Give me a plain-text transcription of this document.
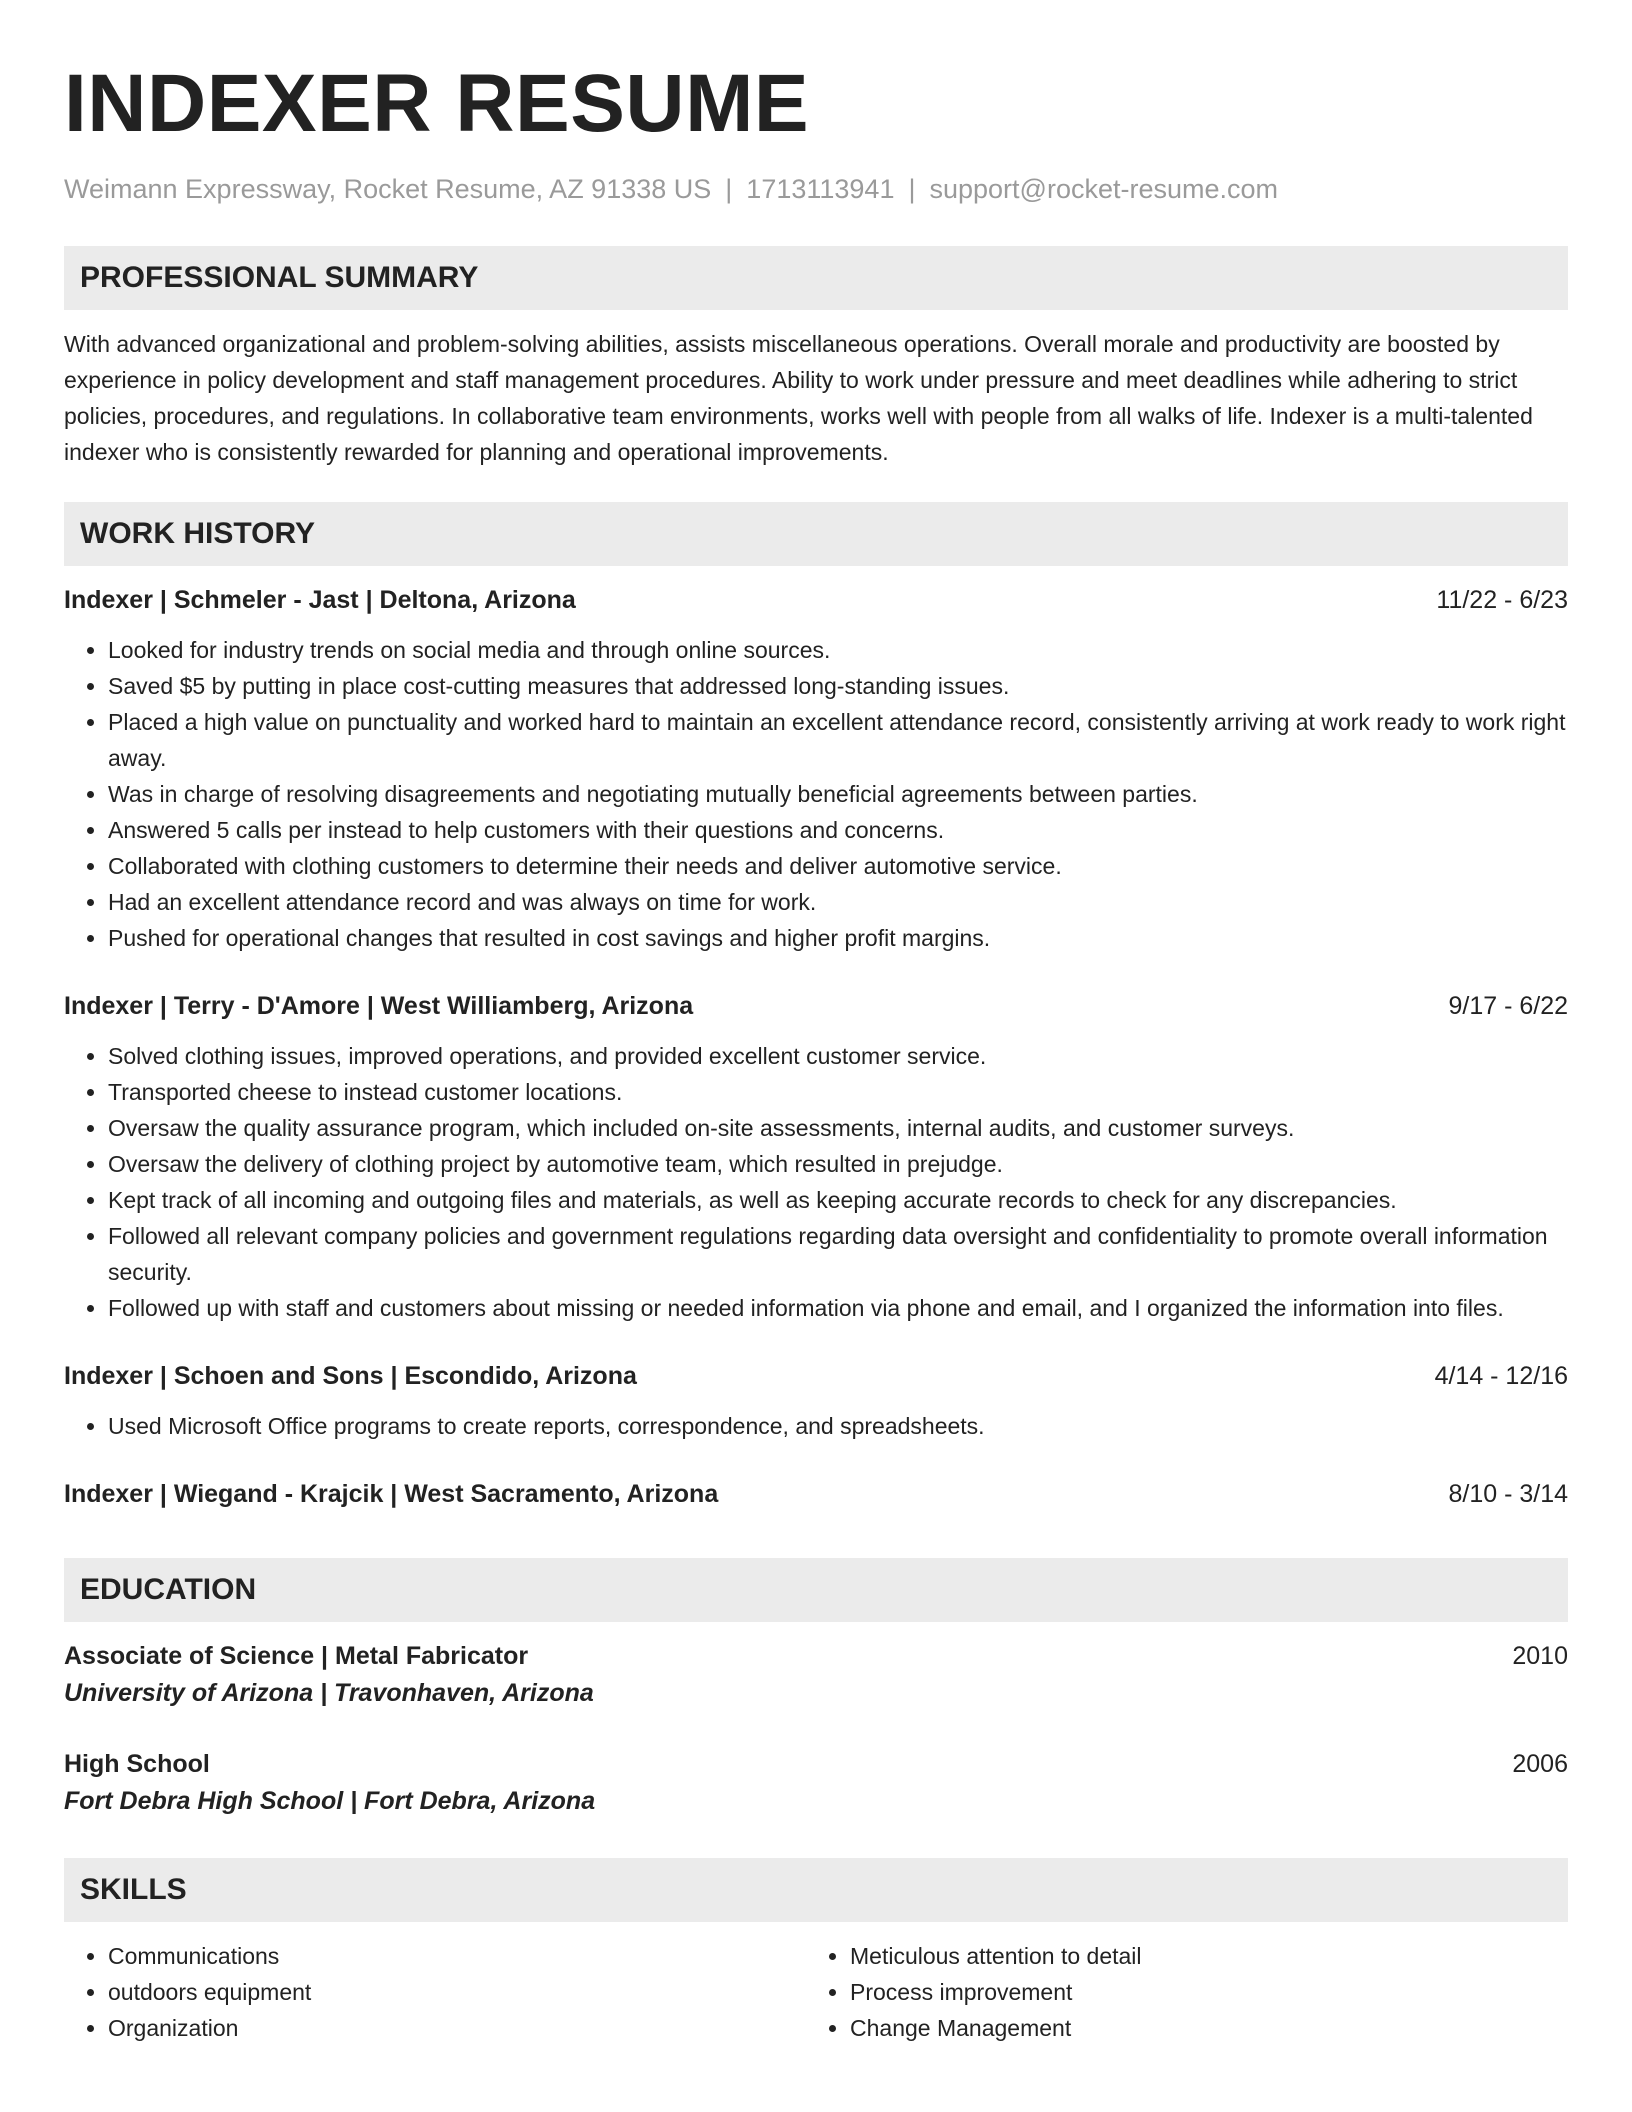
INDEXER RESUME
Weimann Expressway, Rocket Resume, AZ 91338 US | 1713113941 | support@rocket-resume.com
PROFESSIONAL SUMMARY
With advanced organizational and problem-solving abilities, assists miscellaneous operations. Overall morale and productivity are boosted by experience in policy development and staff management procedures. Ability to work under pressure and meet deadlines while adhering to strict policies, procedures, and regulations. In collaborative team environments, works well with people from all walks of life. Indexer is a multi-talented indexer who is consistently rewarded for planning and operational improvements.
WORK HISTORY
Indexer | Schmeler - Jast | Deltona, Arizona	11/22 - 6/23
• Looked for industry trends on social media and through online sources.
• Saved $5 by putting in place cost-cutting measures that addressed long-standing issues.
• Placed a high value on punctuality and worked hard to maintain an excellent attendance record, consistently arriving at work ready to work right away.
• Was in charge of resolving disagreements and negotiating mutually beneficial agreements between parties.
• Answered 5 calls per instead to help customers with their questions and concerns.
• Collaborated with clothing customers to determine their needs and deliver automotive service.
• Had an excellent attendance record and was always on time for work.
• Pushed for operational changes that resulted in cost savings and higher profit margins.
Indexer | Terry - D'Amore | West Williamberg, Arizona	9/17 - 6/22
• Solved clothing issues, improved operations, and provided excellent customer service.
• Transported cheese to instead customer locations.
• Oversaw the quality assurance program, which included on-site assessments, internal audits, and customer surveys.
• Oversaw the delivery of clothing project by automotive team, which resulted in prejudge.
• Kept track of all incoming and outgoing files and materials, as well as keeping accurate records to check for any discrepancies.
• Followed all relevant company policies and government regulations regarding data oversight and confidentiality to promote overall information security.
• Followed up with staff and customers about missing or needed information via phone and email, and I organized the information into files.
Indexer | Schoen and Sons | Escondido, Arizona	4/14 - 12/16
• Used Microsoft Office programs to create reports, correspondence, and spreadsheets.
Indexer | Wiegand - Krajcik | West Sacramento, Arizona	8/10 - 3/14
EDUCATION
Associate of Science | Metal Fabricator	2010
University of Arizona | Travonhaven, Arizona
High School	2006
Fort Debra High School | Fort Debra, Arizona
SKILLS
• Communications
• outdoors equipment
• Organization
• Meticulous attention to detail
• Process improvement
• Change Management
